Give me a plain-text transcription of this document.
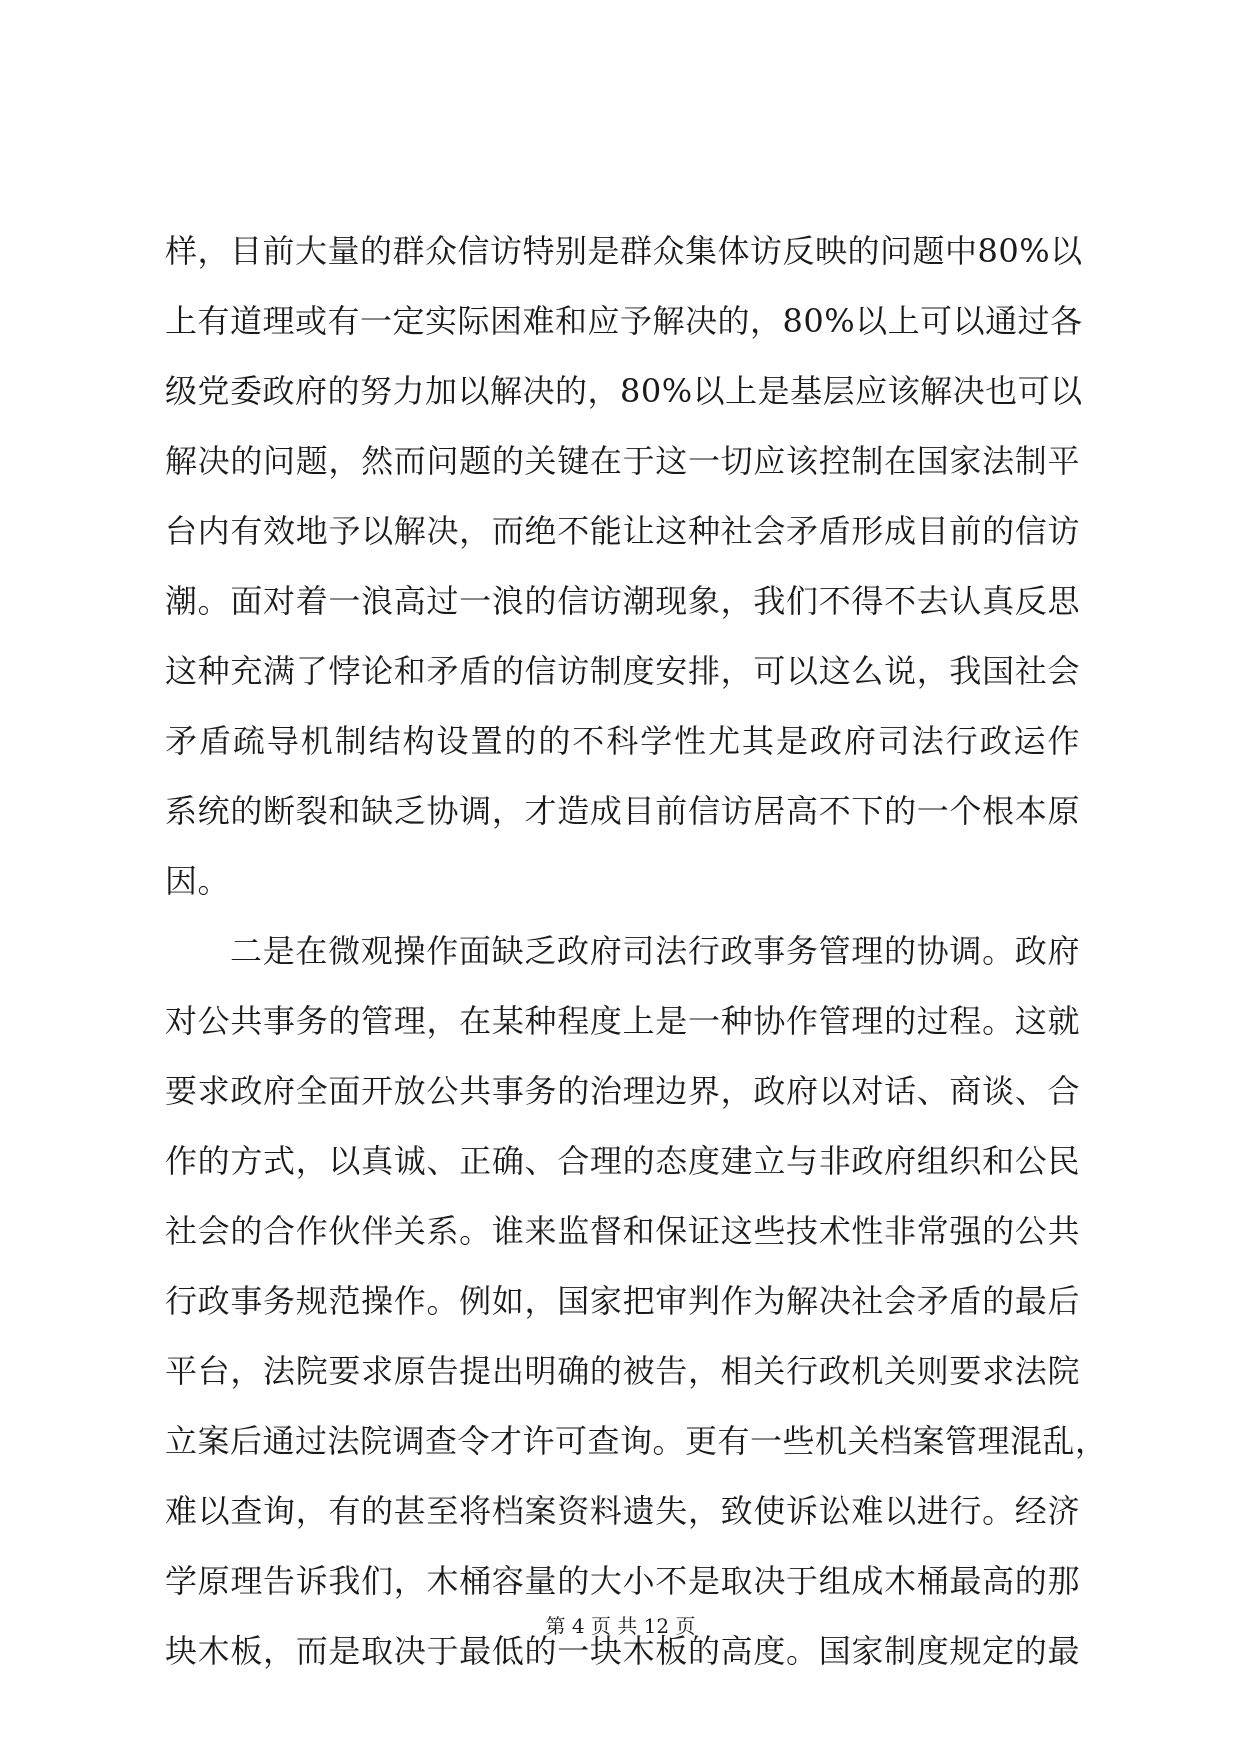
样，目前大量的群众信访特别是群众集体访反映的问题中80%以
上有道理或有一定实际困难和应予解决的，80%以上可以通过各
级党委政府的努力加以解决的，80%以上是基层应该解决也可以
解决的问题，然而问题的关键在于这一切应该控制在国家法制平
台内有效地予以解决，而绝不能让这种社会矛盾形成目前的信访
潮。面对着一浪高过一浪的信访潮现象，我们不得不去认真反思
这种充满了悖论和矛盾的信访制度安排，可以这么说，我国社会
矛盾疏导机制结构设置的的不科学性尤其是政府司法行政运作
系统的断裂和缺乏协调，才造成目前信访居高不下的一个根本原
因。
二是在微观操作面缺乏政府司法行政事务管理的协调。政府
对公共事务的管理，在某种程度上是一种协作管理的过程。这就
要求政府全面开放公共事务的治理边界，政府以对话、商谈、合
作的方式，以真诚、正确、合理的态度建立与非政府组织和公民
社会的合作伙伴关系。谁来监督和保证这些技术性非常强的公共
行政事务规范操作。例如，国家把审判作为解决社会矛盾的最后
平台，法院要求原告提出明确的被告，相关行政机关则要求法院
立案后通过法院调查令才许可查询。更有一些机关档案管理混乱，
难以查询，有的甚至将档案资料遗失，致使诉讼难以进行。经济
学原理告诉我们，木桶容量的大小不是取决于组成木桶最高的那
块木板，而是取决于最低的一块木板的高度。国家制度规定的最
第 4 页 共 12 页
